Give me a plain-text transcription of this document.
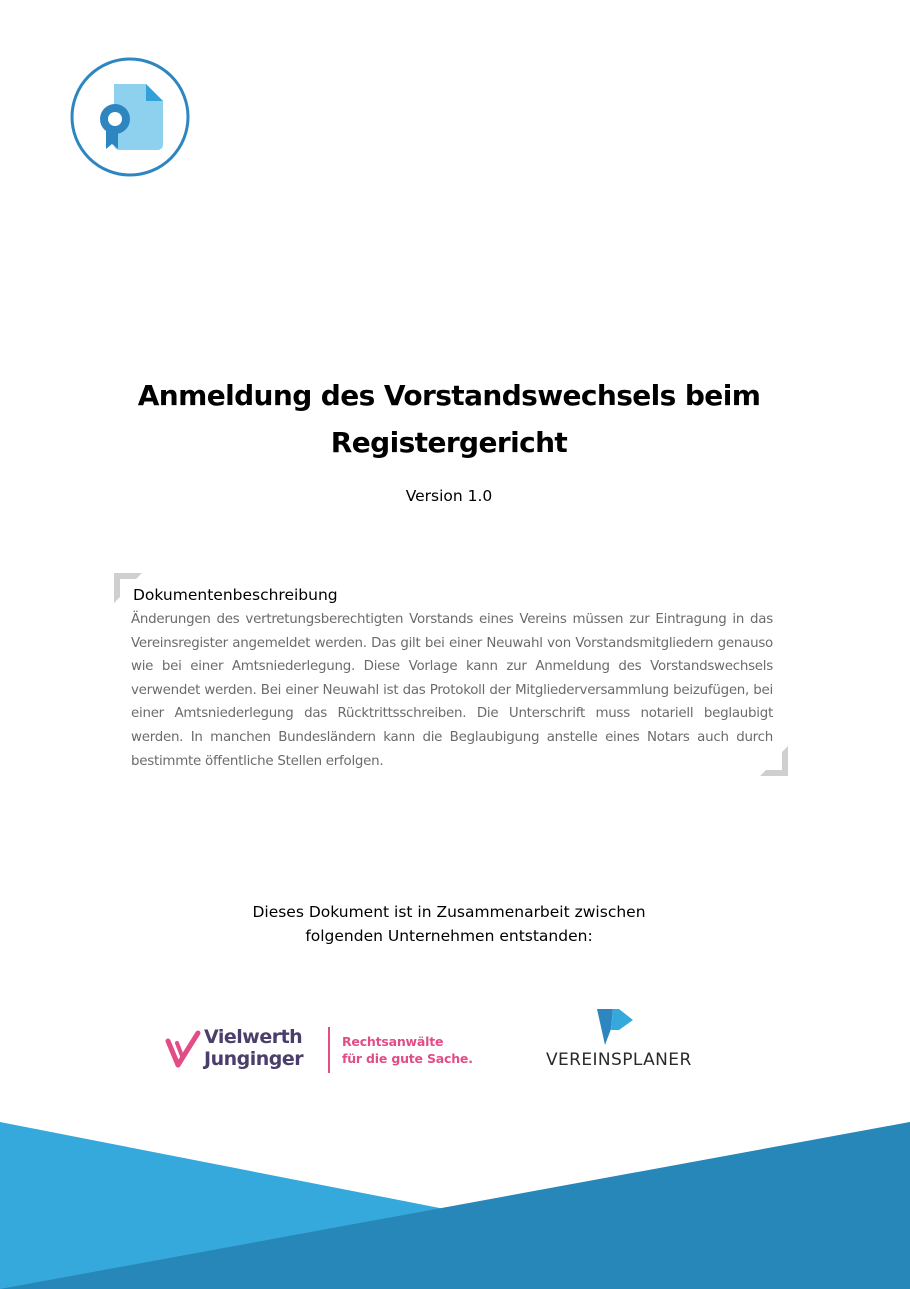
Anmeldung des Vorstandswechsels beim
Registergericht
Version 1.0
Dokumentenbeschreibung
Änderungen des vertretungsberechtigten Vorstands eines Vereins müssen zur Eintragung in das Vereinsregister angemeldet werden. Das gilt bei einer Neuwahl von Vorstandsmitgliedern genauso wie bei einer Amtsniederlegung. Diese Vorlage kann zur Anmeldung des Vorstandswechsels verwendet werden. Bei einer Neuwahl ist das Protokoll der Mitgliederversammlung beizufügen, bei einer Amtsniederlegung das Rücktrittsschreiben. Die Unterschrift muss notariell beglaubigt werden. In manchen Bundesländern kann die Beglaubigung anstelle eines Notars auch durch bestimmte öffentliche Stellen erfolgen.
Dieses Dokument ist in Zusammenarbeit zwischen
folgenden Unternehmen entstanden:
Vielwerth
Junginger
Rechtsanwälte
für die gute Sache.	VEREINSPLANER
